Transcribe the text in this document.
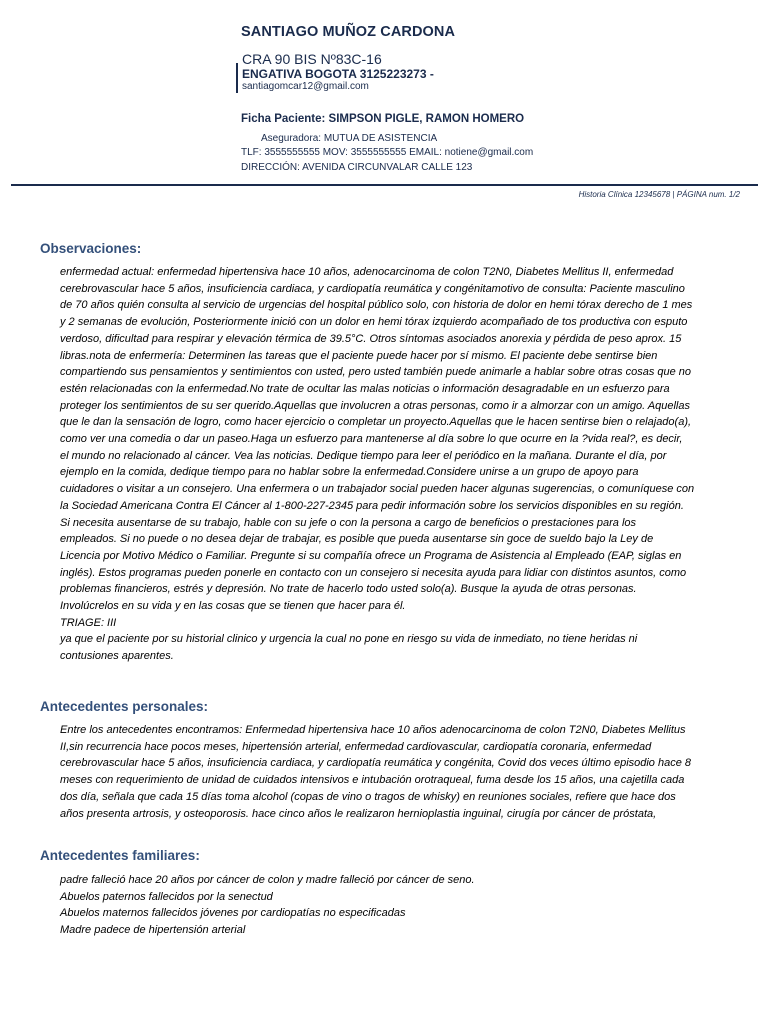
SANTIAGO MUÑOZ CARDONA
CRA 90 BIS Nº83C-16
ENGATIVA BOGOTA 3125223273 -
santiagomcar12@gmail.com
Ficha Paciente: SIMPSON PIGLE, RAMON HOMERO
Aseguradora: MUTUA DE ASISTENCIA
TLF: 3555555555 MOV: 3555555555 EMAIL: notiene@gmail.com
DIRECCIÓN: AVENIDA CIRCUNVALAR CALLE 123
Historia Clínica 12345678 | PÁGINA num. 1/2
Observaciones:

enfermedad actual: enfermedad hipertensiva hace 10 años, adenocarcinoma de colon T2N0, Diabetes Mellitus II, enfermedad

cerebrovascular hace 5 años, insuficiencia cardiaca, y cardiopatía reumática y congénitamotivo de consulta: Paciente masculino

de 70 años quién consulta al servicio de urgencias del hospital público solo, con historia de dolor en hemi tórax derecho de 1 mes

y 2 semanas de evolución, Posteriormente inició con un dolor en hemi tórax izquierdo acompañado de tos productiva con esputo

verdoso, dificultad para respirar y elevación térmica de 39.5°C. Otros síntomas asociados anorexia y pérdida de peso aprox. 15

libras.nota de enfermería: Determinen las tareas que el paciente puede hacer por sí mismo. El paciente debe sentirse bien

compartiendo sus pensamientos y sentimientos con usted, pero usted también puede animarle a hablar sobre otras cosas que no

estén relacionadas con la enfermedad.No trate de ocultar las malas noticias o información desagradable en un esfuerzo para

proteger los sentimientos de su ser querido.Aquellas que involucren a otras personas, como ir a almorzar con un amigo. Aquellas

que le dan la sensación de logro, como hacer ejercicio o completar un proyecto.Aquellas que le hacen sentirse bien o relajado(a),

como ver una comedia o dar un paseo.Haga un esfuerzo para mantenerse al día sobre lo que ocurre en la ?vida real?, es decir,

el mundo no relacionado al cáncer. Vea las noticias. Dedique tiempo para leer el periódico en la mañana. Durante el día, por

ejemplo en la comida, dedique tiempo para no hablar sobre la enfermedad.Considere unirse a un grupo de apoyo para

cuidadores o visitar a un consejero. Una enfermera o un trabajador social pueden hacer algunas sugerencias, o comuníquese con

la Sociedad Americana Contra El Cáncer al 1-800-227-2345 para pedir información sobre los servicios disponibles en su región.

Si necesita ausentarse de su trabajo, hable con su jefe o con la persona a cargo de beneficios o prestaciones para los

empleados. Si no puede o no desea dejar de trabajar, es posible que pueda ausentarse sin goce de sueldo bajo la Ley de

Licencia por Motivo Médico o Familiar. Pregunte si su compañía ofrece un Programa de Asistencia al Empleado (EAP, siglas en

inglés). Estos programas pueden ponerle en contacto con un consejero si necesita ayuda para lidiar con distintos asuntos, como

problemas financieros, estrés y depresión. No trate de hacerlo todo usted solo(a). Busque la ayuda de otras personas.

Involúcrelos en su vida y en las cosas que se tienen que hacer para él.

TRIAGE: III

ya que el paciente por su historial clinico y urgencia la cual no pone en riesgo su vida de inmediato, no tiene heridas ni

contusiones aparentes.

Antecedentes personales:

Entre los antecedentes encontramos: Enfermedad hipertensiva hace 10 años adenocarcinoma de colon T2N0, Diabetes Mellitus

II,sin recurrencia hace pocos meses, hipertensión arterial, enfermedad cardiovascular, cardiopatía coronaria, enfermedad

cerebrovascular hace 5 años, insuficiencia cardiaca, y cardiopatía reumática y congénita, Covid dos veces último episodio hace 8

meses con requerimiento de unidad de cuidados intensivos e intubación orotraqueal, fuma desde los 15 años, una cajetilla cada

dos día, señala que cada 15 días toma alcohol (copas de vino o tragos de whisky) en reuniones sociales, refiere que hace dos

años presenta artrosis, y osteoporosis. hace cinco años le realizaron hernioplastia inguinal, cirugía por cáncer de próstata,

Antecedentes familiares:

padre falleció hace 20 años por cáncer de colon y madre falleció por cáncer de seno.

Abuelos paternos fallecidos por la senectud

Abuelos maternos fallecidos jóvenes por cardiopatías no especificadas

Madre padece de hipertensión arterial
